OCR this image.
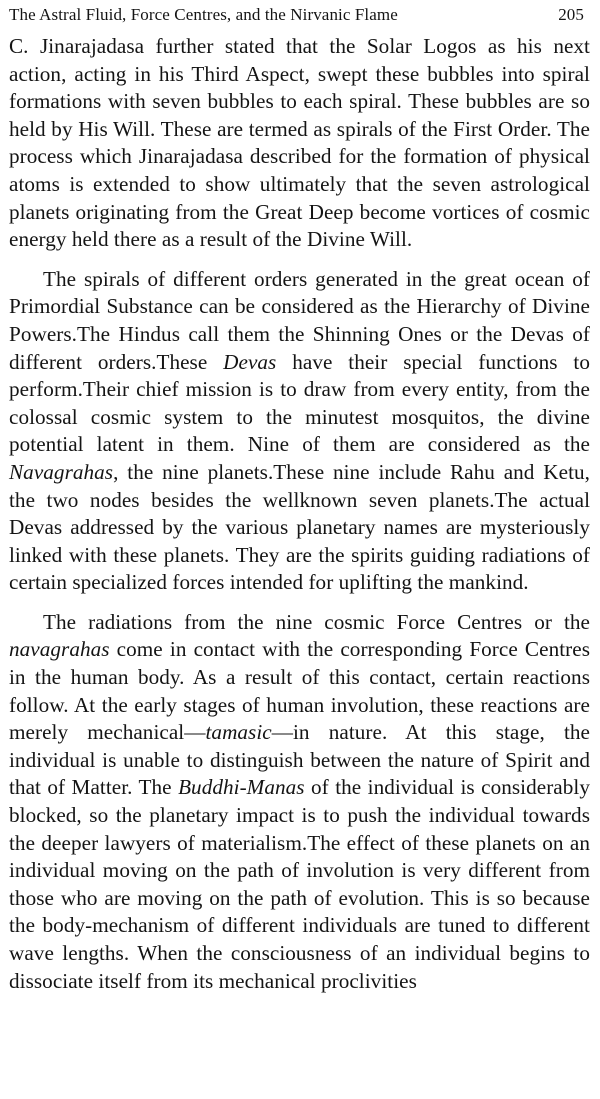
The Astral Fluid, Force Centres, and the Nirvanic Flame	205

C. Jinarajadasa further stated that the Solar Logos as his next action, acting in his Third Aspect, swept these bubbles into spiral formations with seven bubbles to each spiral. These bubbles are so held by His Will. These are termed as spirals of the First Order. The process which Jinarajadasa described for the formation of physical atoms is extended to show ultimately that the seven astrological planets originating from the Great Deep become vortices of cosmic energy held there as a result of the Divine Will.

The spirals of different orders generated in the great ocean of Primordial Substance can be considered as the Hierarchy of Divine Powers.The Hindus call them the Shinning Ones or the Devas of different orders.These Devas have their special functions to perform.Their chief mission is to draw from every entity, from the colossal cosmic system to the minutest mosquitos, the divine potential latent in them. Nine of them are considered as the Navagrahas, the nine planets.These nine include Rahu and Ketu, the two nodes besides the wellknown seven planets.The actual Devas addressed by the various planetary names are mysteriously linked with these planets. They are the spirits guiding radiations of certain specialized forces intended for uplifting the mankind.

The radiations from the nine cosmic Force Centres or the navagrahas come in contact with the corresponding Force Centres in the human body. As a result of this contact, certain reactions follow. At the early stages of human involution, these reactions are merely mechanical—tamasic—in nature. At this stage, the individual is unable to distinguish between the nature of Spirit and that of Matter. The Buddhi-Manas of the individual is considerably blocked, so the planetary impact is to push the individual towards the deeper lawyers of materialism.The effect of these planets on an individual moving on the path of involution is very different from those who are moving on the path of evolution. This is so because the body-mechanism of different individuals are tuned to different wave lengths. When the consciousness of an individual begins to dissociate itself from its mechanical proclivities
